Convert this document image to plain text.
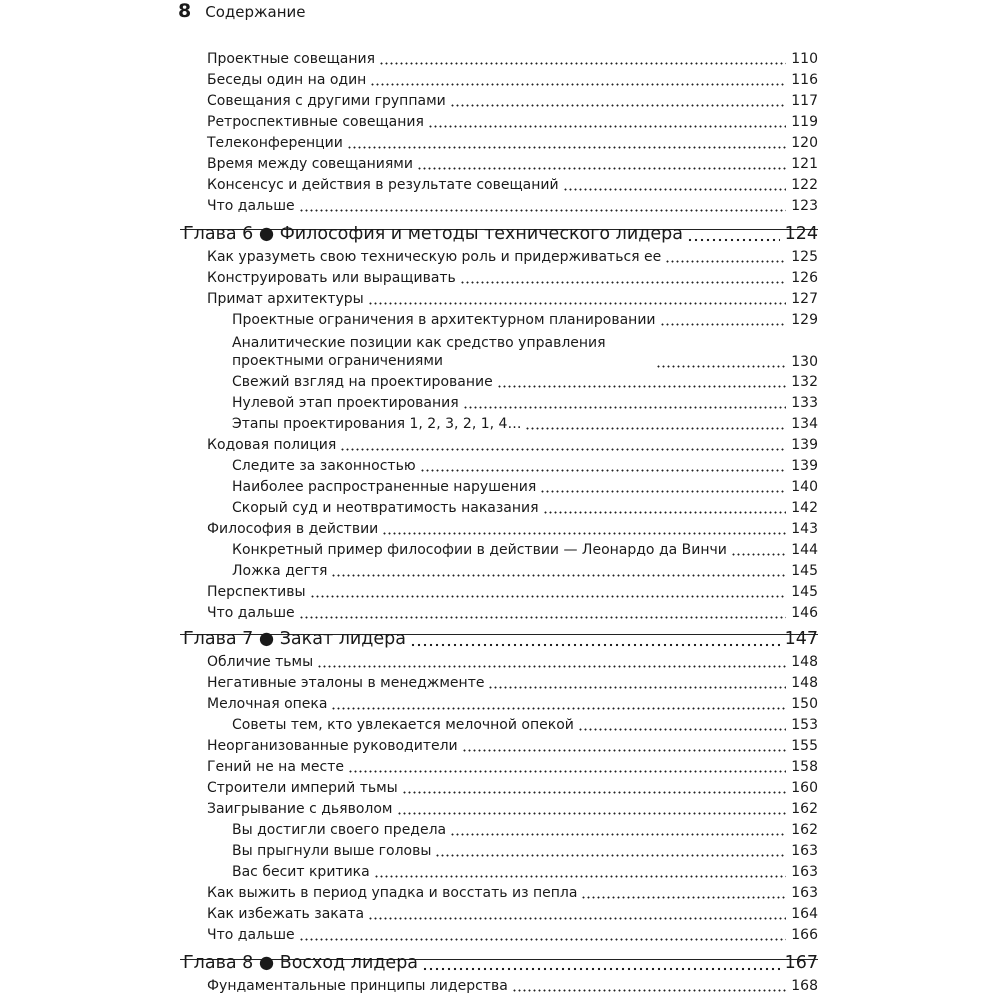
8 Содержание
Проектные совещания	110
Беседы один на один	116
Совещания с другими группами	117
Ретроспективные совещания	119
Телеконференции	120
Время между совещаниями	121
Консенсус и действия в результате совещаний	122
Что дальше	123
Глава 6 ● Философия и методы технического лидера	124
Как уразуметь свою техническую роль и придерживаться ее	125
Конструировать или выращивать	126
Примат архитектуры	127
Проектные ограничения в архитектурном планировании	129
Аналитические позиции как средство управления проектными ограничениями	130
Свежий взгляд на проектирование	132
Нулевой этап проектирования	133
Этапы проектирования 1, 2, 3, 2, 1, 4…	134
Кодовая полиция	139
Следите за законностью	139
Наиболее распространенные нарушения	140
Скорый суд и неотвратимость наказания	142
Философия в действии	143
Конкретный пример философии в действии — Леонардо да Винчи	144
Ложка дегтя	145
Перспективы	145
Что дальше	146
Глава 7 ● Закат лидера	147
Обличие тьмы	148
Негативные эталоны в менеджменте	148
Мелочная опека	150
Советы тем, кто увлекается мелочной опекой	153
Неорганизованные руководители	155
Гений не на месте	158
Строители империй тьмы	160
Заигрывание с дьяволом	162
Вы достигли своего предела	162
Вы прыгнули выше головы	163
Вас бесит критика	163
Как выжить в период упадка и восстать из пепла	163
Как избежать заката	164
Что дальше	166
Глава 8 ● Восход лидера	167
Фундаментальные принципы лидерства	168
